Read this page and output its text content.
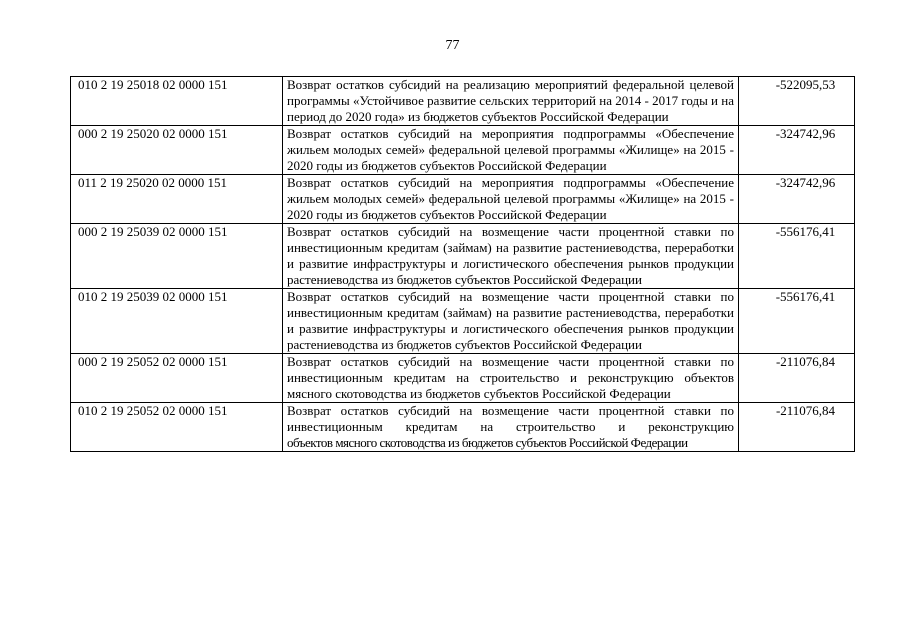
77
010 2 19 25018 02 0000 151	Возврат остатков субсидий на реализацию мероприятий федеральной целевой программы «Устойчивое развитие сельских территорий на 2014 - 2017 годы и на период до 2020 года» из бюджетов субъектов Российской Федерации	-522095,53
000 2 19 25020 02 0000 151	Возврат остатков субсидий на мероприятия подпрограммы «Обеспечение жильем молодых семей» федеральной целевой программы «Жилище» на 2015 - 2020 годы из бюджетов субъектов Российской Федерации	-324742,96
011 2 19 25020 02 0000 151	Возврат остатков субсидий на мероприятия подпрограммы «Обеспечение жильем молодых семей» федеральной целевой программы «Жилище» на 2015 - 2020 годы из бюджетов субъектов Российской Федерации	-324742,96
000 2 19 25039 02 0000 151	Возврат остатков субсидий на возмещение части процентной ставки по инвестиционным кредитам (займам) на развитие растениеводства, переработки и развитие инфраструктуры и логистического обеспечения рынков продукции растениеводства из бюджетов субъектов Российской Федерации	-556176,41
010 2 19 25039 02 0000 151	Возврат остатков субсидий на возмещение части процентной ставки по инвестиционным кредитам (займам) на развитие растениеводства, переработки и развитие инфраструктуры и логистического обеспечения рынков продукции растениеводства из бюджетов субъектов Российской Федерации	-556176,41
000 2 19 25052 02 0000 151	Возврат остатков субсидий на возмещение части процентной ставки по инвестиционным кредитам на строительство и реконструкцию объектов мясного скотоводства из бюджетов субъектов Российской Федерации	-211076,84
010 2 19 25052 02 0000 151	Возврат остатков субсидий на возмещение части процентной ставки по инвестиционным кредитам на строительство и реконструкцию объектов мясного скотоводства из бюджетов субъектов Российской Федерации	-211076,84
